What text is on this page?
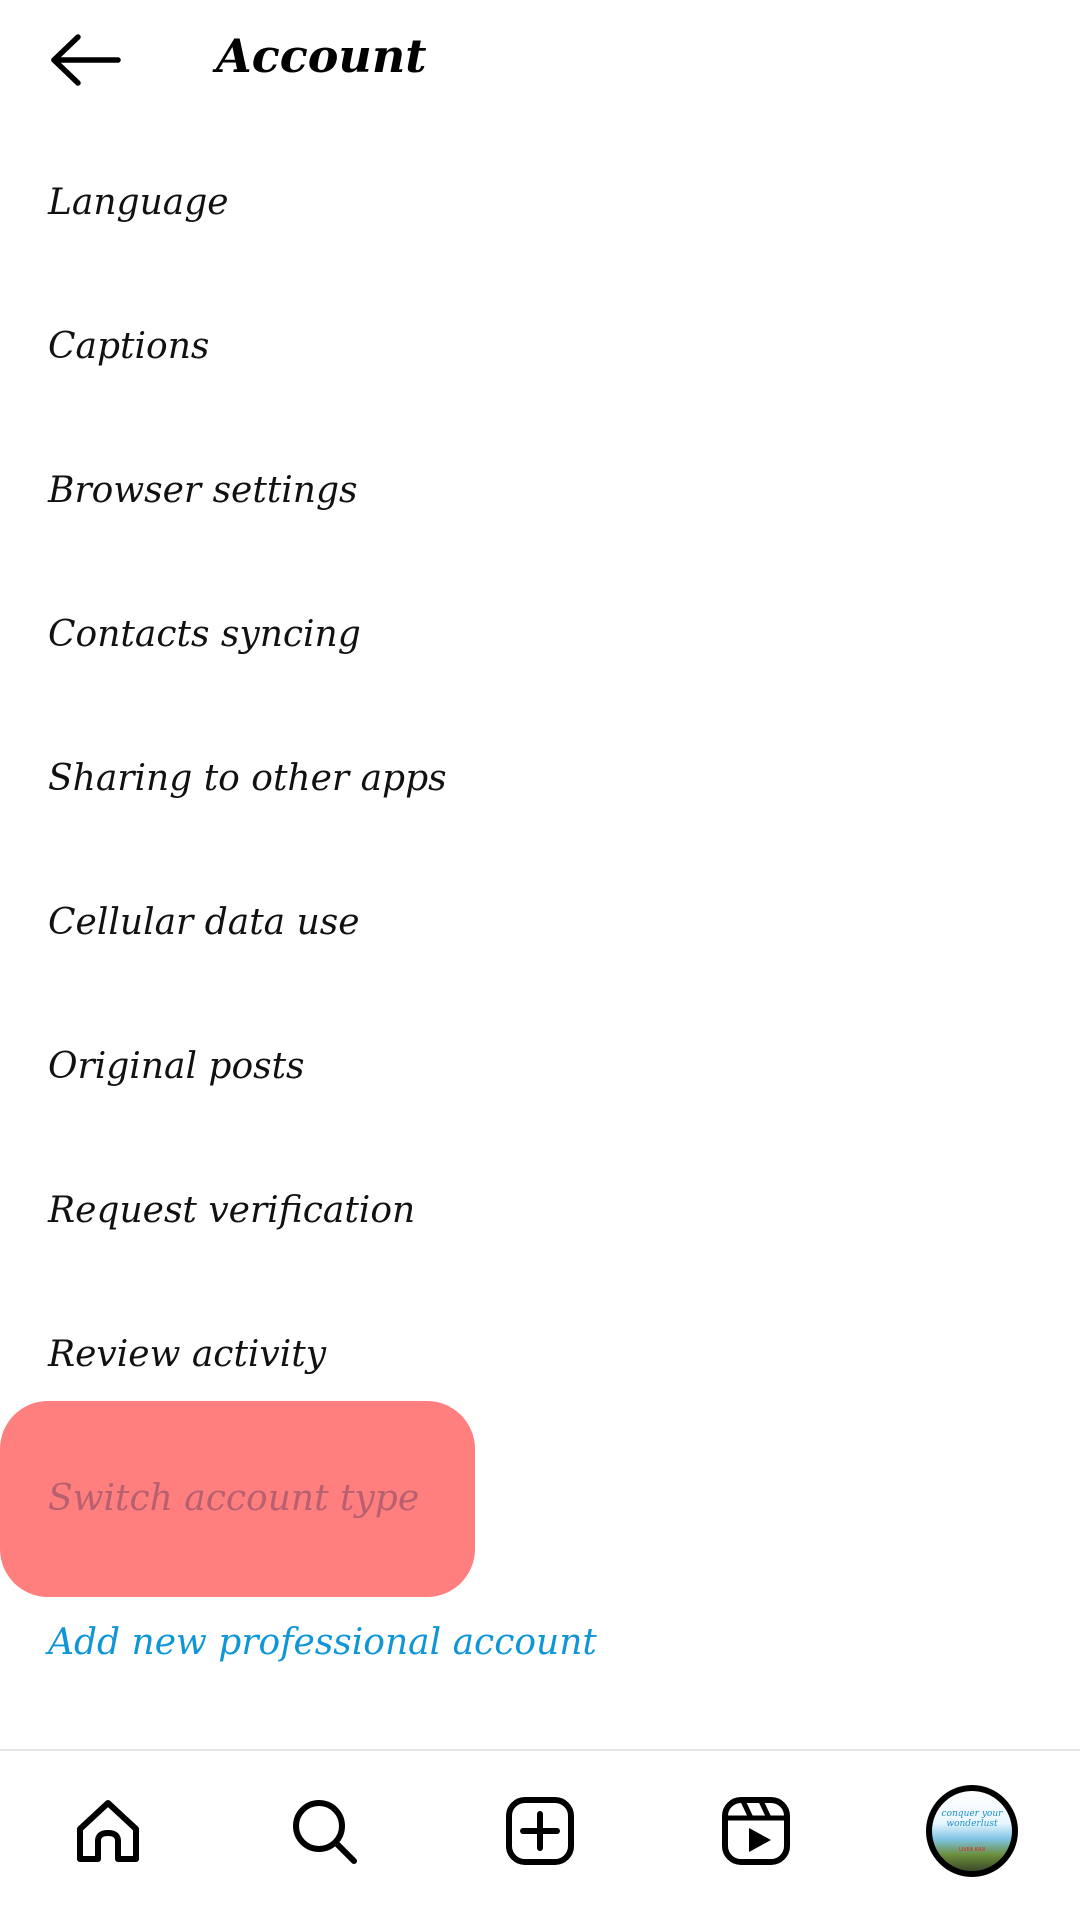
Account
Language
Captions
Browser settings
Contacts syncing
Sharing to other apps
Cellular data use
Original posts
Request verification
Review activity
Switch account type
Add new professional account
conquer your wonderlust
LIVEA KAN
